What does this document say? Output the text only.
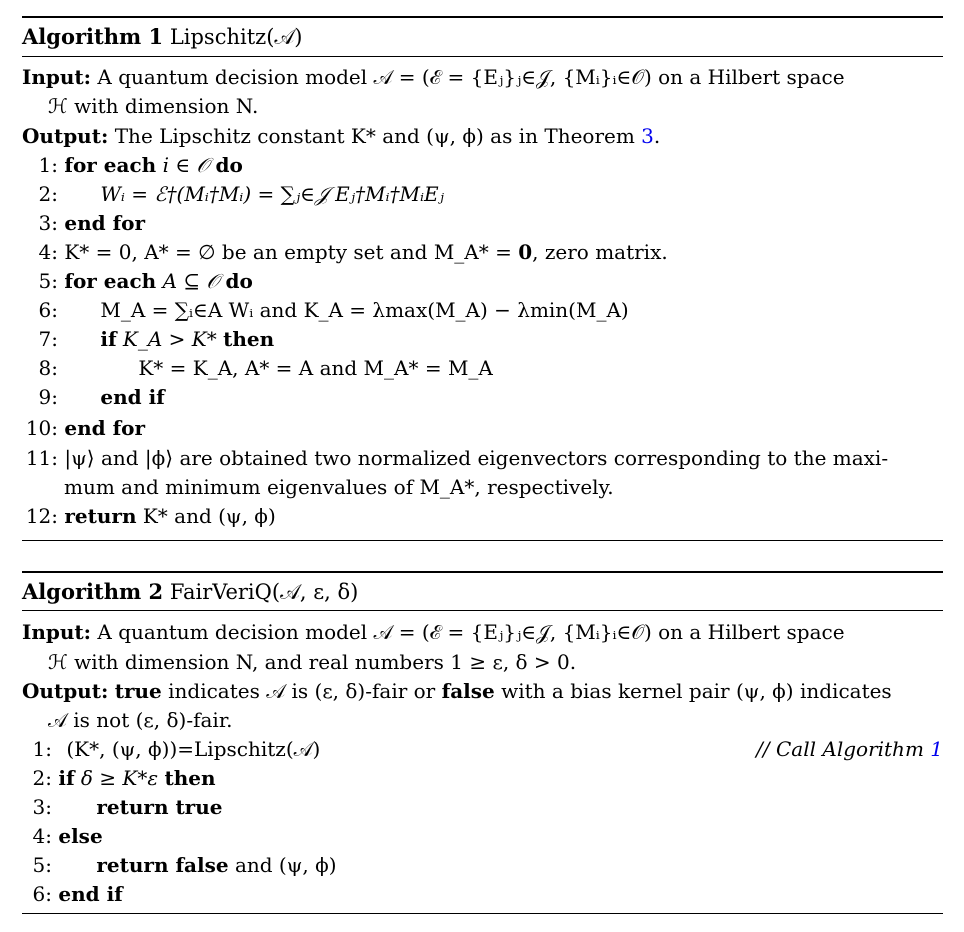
Algorithm 1 Lipschitz(𝒜)
Input: A quantum decision model 𝒜 = (ℰ = {Eⱼ}ⱼ∈𝒥, {Mᵢ}ᵢ∈𝒪) on a Hilbert space
ℋ with dimension N.
Output: The Lipschitz constant K* and (ψ, ϕ) as in Theorem 3.
1: for each i ∈ 𝒪 do
2: Wᵢ = ℰ†(Mᵢ†Mᵢ) = ∑ⱼ∈𝒥 Eⱼ†Mᵢ†MᵢEⱼ
3: end for
4: K* = 0, A* = ∅ be an empty set and M_A* = 0, zero matrix.
5: for each A ⊆ 𝒪 do
6: M_A = ∑ᵢ∈A Wᵢ and K_A = λmax(M_A) − λmin(M_A)
7: if K_A > K* then
8:	K* = K_A, A* = A and M_A* = M_A
9: end if
10: end for
11: |ψ⟩ and |ϕ⟩ are obtained two normalized eigenvectors corresponding to the maxi-
mum and minimum eigenvalues of M_A*, respectively.
12: return K* and (ψ, ϕ)
Algorithm 2 FairVeriQ(𝒜, ε, δ)
Input: A quantum decision model 𝒜 = (ℰ = {Eⱼ}ⱼ∈𝒥, {Mᵢ}ᵢ∈𝒪) on a Hilbert space
ℋ with dimension N, and real numbers 1 ≥ ε, δ > 0.
Output: true indicates 𝒜 is (ε, δ)-fair or false with a bias kernel pair (ψ, ϕ) indicates
𝒜 is not (ε, δ)-fair.
1: (K*, (ψ, ϕ))=Lipschitz(𝒜)	// Call Algorithm 1
2: if δ ≥ K*ε then
3: return true
4: else
5: return false and (ψ, ϕ)
6: end if
